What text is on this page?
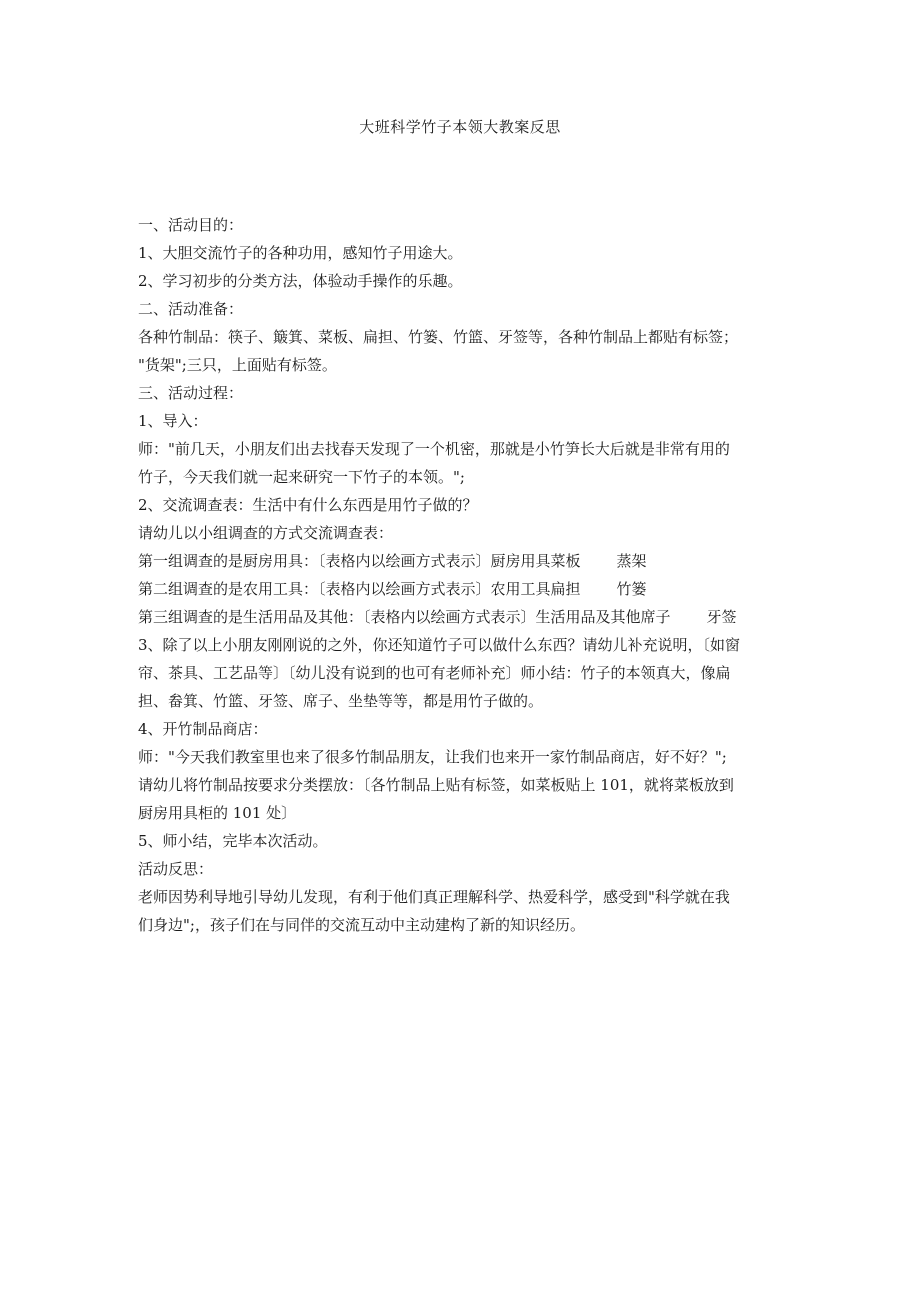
大班科学竹子本领大教案反思
一、活动目的：
1、大胆交流竹子的各种功用，感知竹子用途大。
2、学习初步的分类方法，体验动手操作的乐趣。
二、活动准备：
各种竹制品：筷子、簸箕、菜板、扁担、竹篓、竹篮、牙签等，各种竹制品上都贴有标签；
"货架";三只，上面贴有标签。
三、活动过程：
1、导入：
师："前几天，小朋友们出去找春天发现了一个机密，那就是小竹笋长大后就是非常有用的
竹子，今天我们就一起来研究一下竹子的本领。";
2、交流调查表：生活中有什么东西是用竹子做的？
请幼儿以小组调查的方式交流调查表：
第一组调查的是厨房用具：〔表格内以绘画方式表示〕厨房用具菜板 蒸架
第二组调查的是农用工具：〔表格内以绘画方式表示〕农用工具扁担 竹篓
第三组调查的是生活用品及其他：〔表格内以绘画方式表示〕生活用品及其他席子 牙签
3、除了以上小朋友刚刚说的之外，你还知道竹子可以做什么东西？请幼儿补充说明，〔如窗
帘、茶具、工艺品等〕〔幼儿没有说到的也可有老师补充〕师小结：竹子的本领真大，像扁
担、畚箕、竹篮、牙签、席子、坐垫等等，都是用竹子做的。
4、开竹制品商店：
师："今天我们教室里也来了很多竹制品朋友，让我们也来开一家竹制品商店，好不好？";
请幼儿将竹制品按要求分类摆放：〔各竹制品上贴有标签，如菜板贴上 101，就将菜板放到
厨房用具柜的 101 处〕
5、师小结，完毕本次活动。
活动反思：
老师因势利导地引导幼儿发现，有利于他们真正理解科学、热爱科学，感受到"科学就在我
们身边";，孩子们在与同伴的交流互动中主动建构了新的知识经历。
